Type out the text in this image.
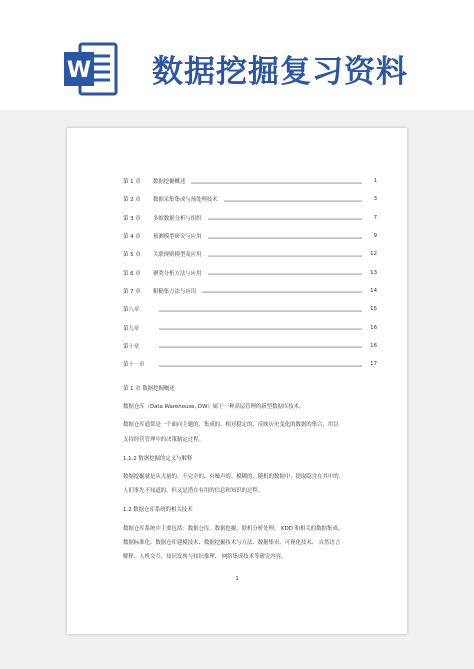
W 数据挖掘复习资料
第 1 章	数据挖掘概述	1
第 2 章	数据采集集成与预处理技术	3
第 3 章	多维数据分析与组织	7
第 4 章	预测模型研究与应用	9
第 5 章	关联规则模型及应用	12
第 6 章	聚类分析方法与应用	13
第 7 章	粗糙集方法与应用	14
第八章	15
第九章	16
第十章	16
第十一章	17

第 1 章 数据挖掘概述

数据仓库（Data Warehouse, DW）属于一种高层管理的新型数据库技术。

数据仓库通常是一个面向主题的、集成的、相对稳定的、反映历史变化的数据的集合，用以

支持经营管理中的决策制定过程。

1.1.2 数据挖掘的定义与解释

数据挖掘就是从大量的、不完全的、有噪声的、模糊的、随机的数据中，提取隐含在其中的、

人们事先不知道的、但又是潜在有用的信息和知识的过程。

1.2 数据仓库系统的相关技术

数据仓库系统中主要包括：数据仓库、数据挖掘、联机分析处理、 KDD 和相关的数据集成、

数据标准化、数据仓库建模技术、数据挖掘技术与方法、数据集市、可视化技术、 自然语言

解释、人机交互、知识发现与知识推理、 网络集成技术等研究内容。

1
